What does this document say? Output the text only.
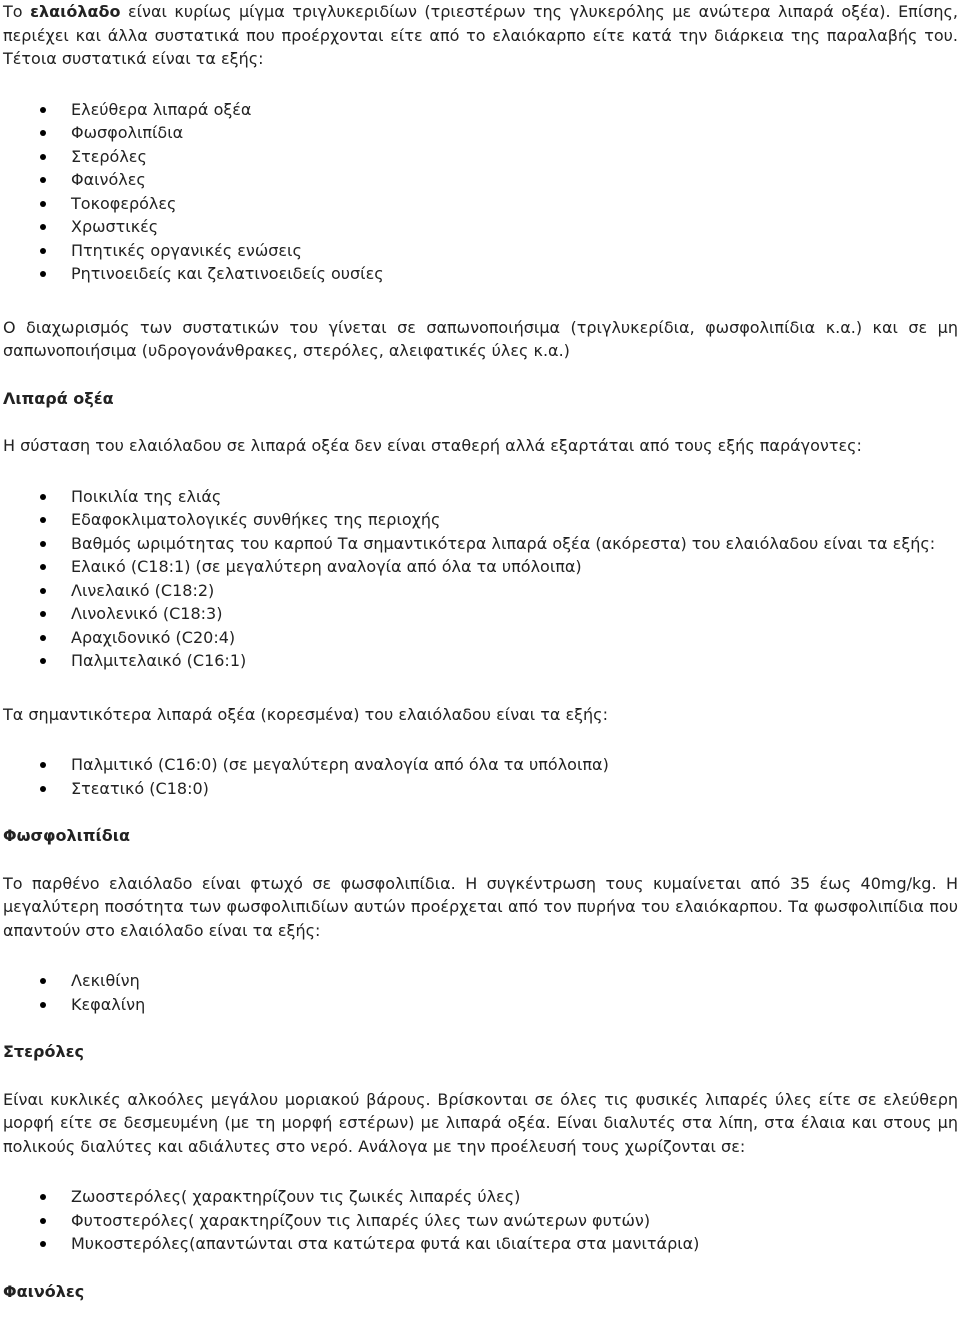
Το ελαιόλαδο είναι κυρίως μίγμα τριγλυκεριδίων (τριεστέρων της γλυκερόλης με ανώτερα λιπαρά οξέα). Επίσης, περιέχει και άλλα συστατικά που προέρχονται είτε από το ελαιόκαρπο είτε κατά την διάρκεια της παραλαβής του. Τέτοια συστατικά είναι τα εξής:

Ελεύθερα λιπαρά οξέα
Φωσφολιπίδια
Στερόλες
Φαινόλες
Τοκοφερόλες
Χρωστικές
Πτητικές οργανικές ενώσεις
Ρητινοειδείς και ζελατινοειδείς ουσίες

Ο διαχωρισμός των συστατικών του γίνεται σε σαπωνοποιήσιμα (τριγλυκερίδια, φωσφολιπίδια κ.α.) και σε μη σαπωνοποιήσιμα (υδρογονάνθρακες, στερόλες, αλειφατικές ύλες κ.α.)

Λιπαρά οξέα

Η σύσταση του ελαιόλαδου σε λιπαρά οξέα δεν είναι σταθερή αλλά εξαρτάται από τους εξής παράγοντες:

Ποικιλία της ελιάς
Εδαφοκλιματολογικές συνθήκες της περιοχής
Βαθμός ωριμότητας του καρπού Τα σημαντικότερα λιπαρά οξέα (ακόρεστα) του ελαιόλαδου είναι τα εξής:
Ελαικό (C18:1) (σε μεγαλύτερη αναλογία από όλα τα υπόλοιπα)
Λινελαικό (C18:2)
Λινολενικό (C18:3)
Αραχιδονικό (C20:4)
Παλμιτελαικό (C16:1)

Τα σημαντικότερα λιπαρά οξέα (κορεσμένα) του ελαιόλαδου είναι τα εξής:

Παλμιτικό (C16:0) (σε μεγαλύτερη αναλογία από όλα τα υπόλοιπα)
Στεατικό (C18:0)
Φωσφολιπίδια

Το παρθένο ελαιόλαδο είναι φτωχό σε φωσφολιπίδια. Η συγκέντρωση τους κυμαίνεται από 35 έως 40mg/kg. Η μεγαλύτερη ποσότητα των φωσφολιπιδίων αυτών προέρχεται από τον πυρήνα του ελαιόκαρπου. Τα φωσφολιπίδια που απαντούν στο ελαιόλαδο είναι τα εξής:

Λεκιθίνη
Κεφαλίνη
Στερόλες

Είναι κυκλικές αλκοόλες μεγάλου μοριακού βάρους. Βρίσκονται σε όλες τις φυσικές λιπαρές ύλες είτε σε ελεύθερη μορφή είτε σε δεσμευμένη (με τη μορφή εστέρων) με λιπαρά οξέα. Είναι διαλυτές στα λίπη, στα έλαια και στους μη πολικούς διαλύτες και αδιάλυτες στο νερό. Ανάλογα με την προέλευσή τους χωρίζονται σε:

Ζωοστερόλες( χαρακτηρίζουν τις ζωικές λιπαρές ύλες)
Φυτοστερόλες( χαρακτηρίζουν τις λιπαρές ύλες των ανώτερων φυτών)
Μυκοστερόλες(απαντώνται στα κατώτερα φυτά και ιδιαίτερα στα μανιτάρια)
Φαινόλες
